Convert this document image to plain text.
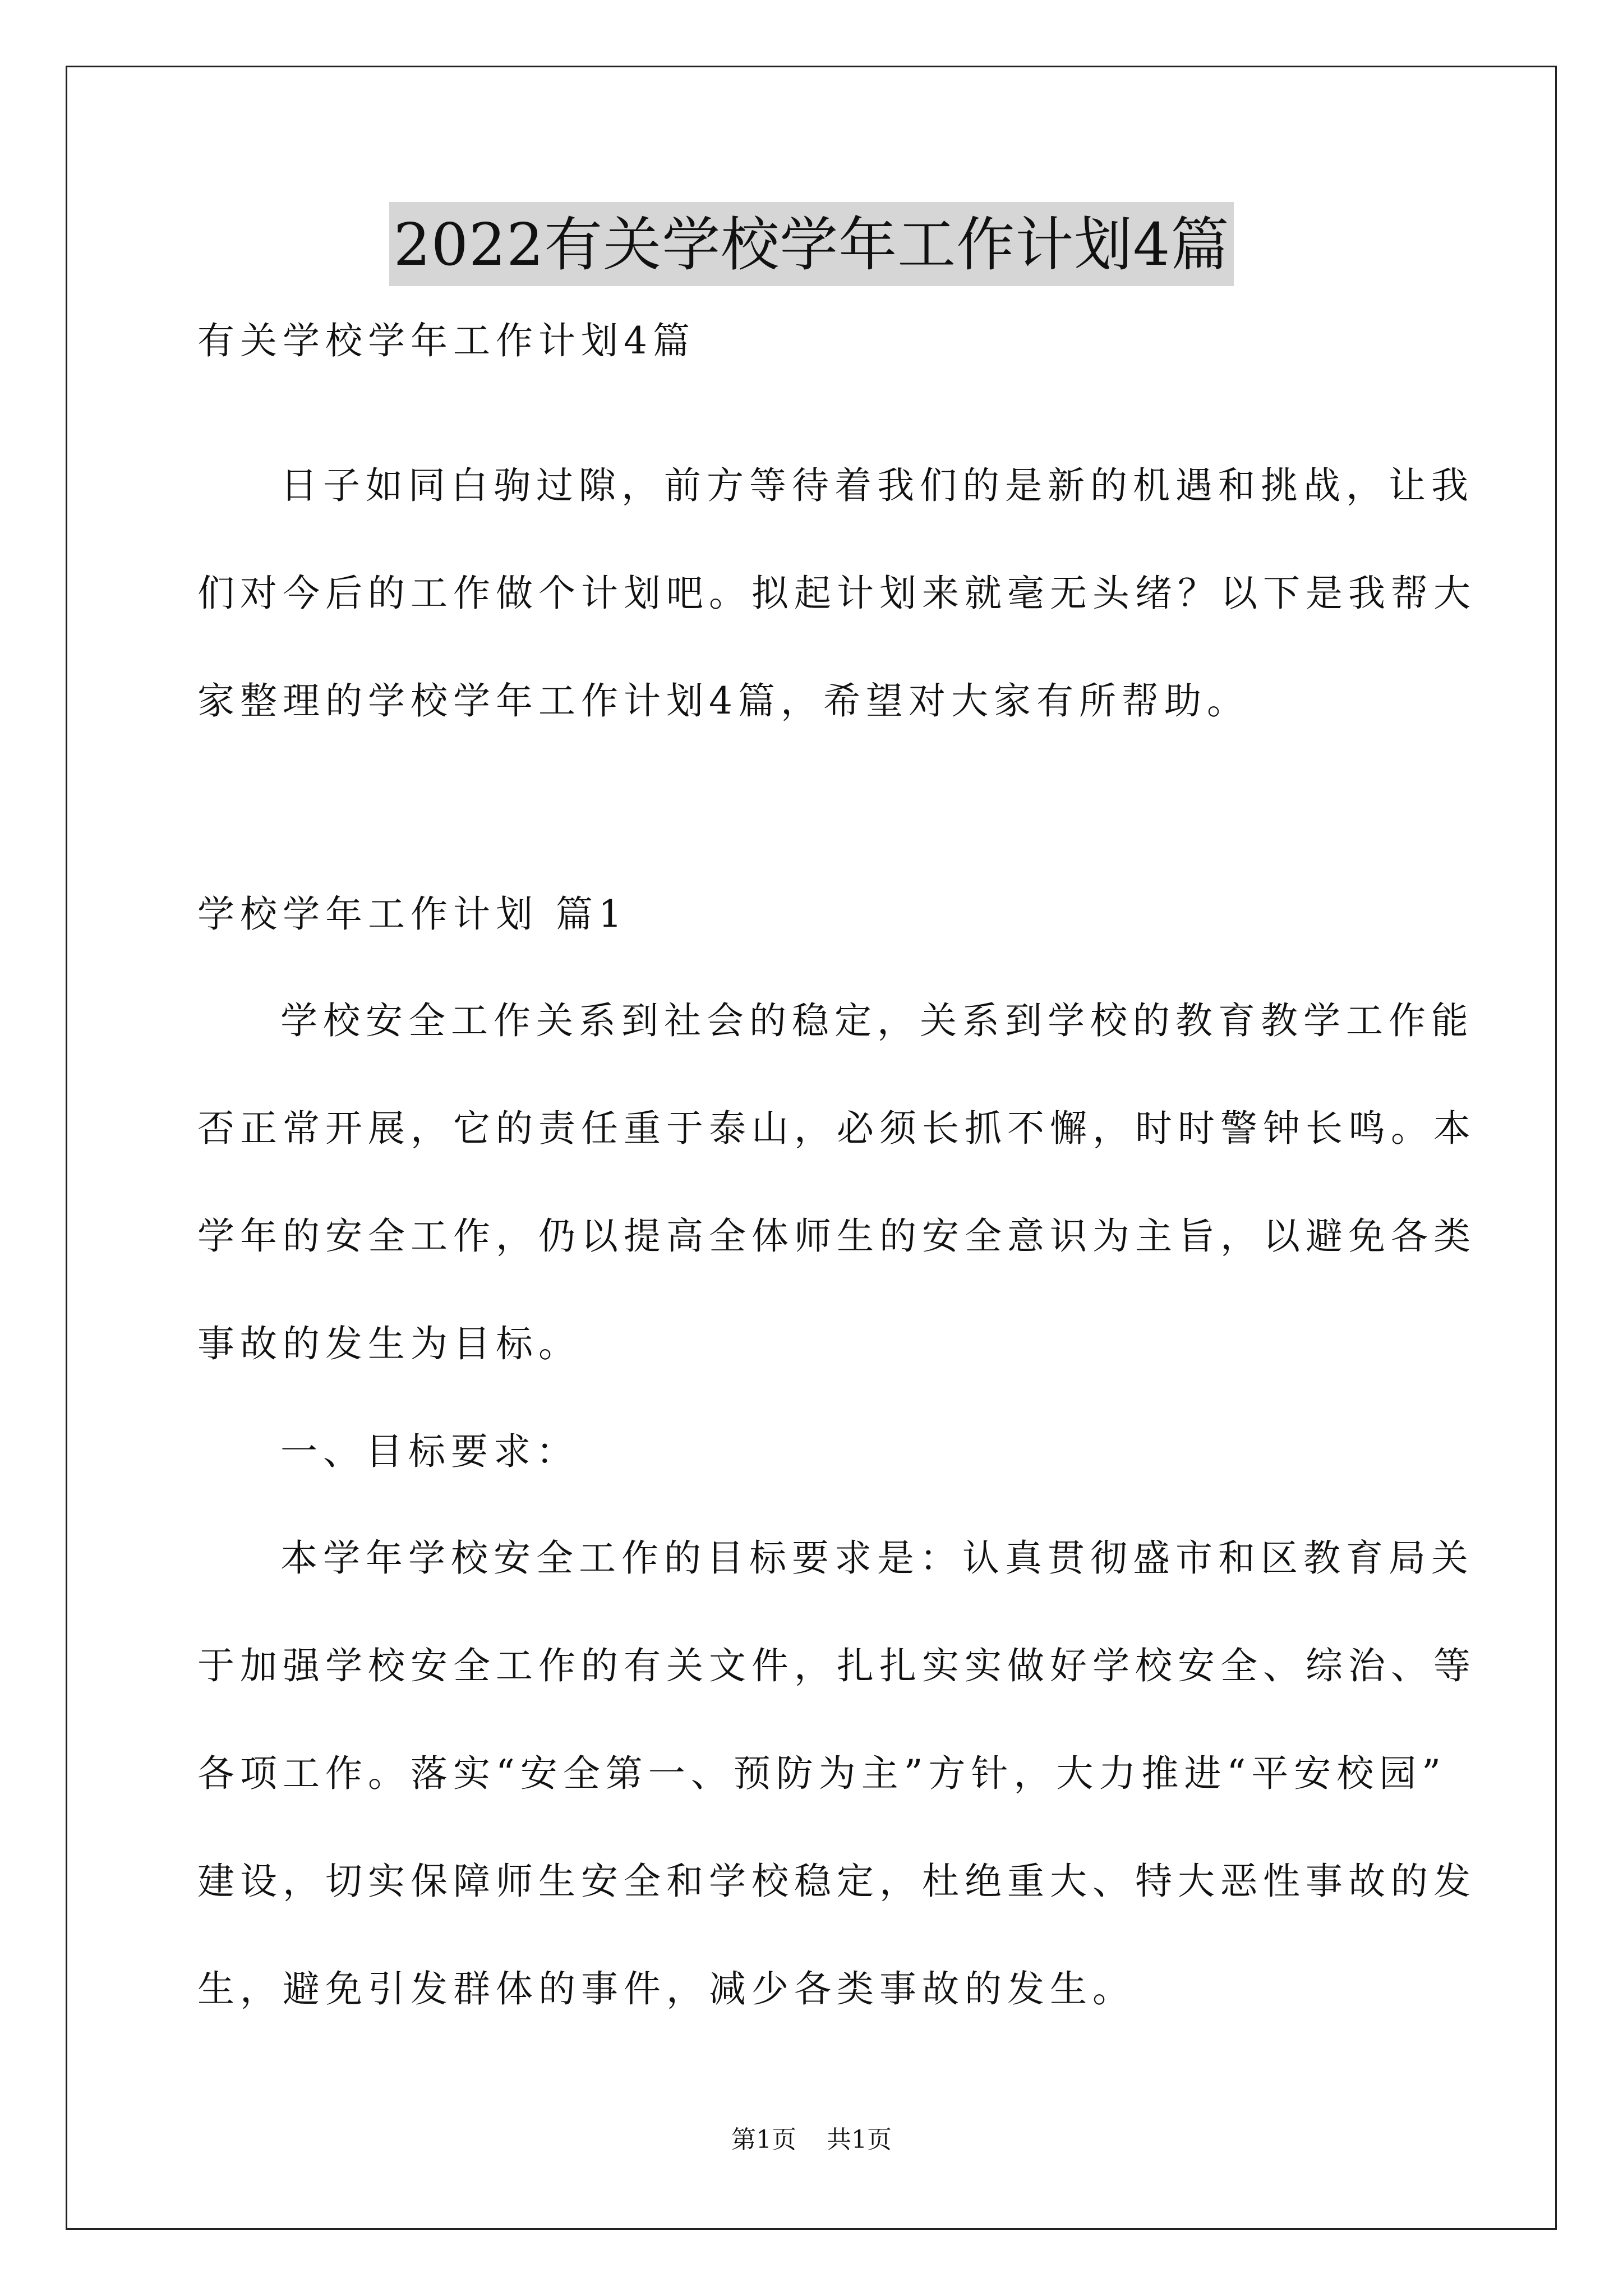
2022有关学校学年工作计划4篇
有关学校学年工作计划4篇
日子如同白驹过隙，前方等待着我们的是新的机遇和挑战，让我
们对今后的工作做个计划吧。拟起计划来就毫无头绪？以下是我帮大
家整理的学校学年工作计划4篇，希望对大家有所帮助。
学校学年工作计划 篇1
学校安全工作关系到社会的稳定，关系到学校的教育教学工作能
否正常开展，它的责任重于泰山，必须长抓不懈，时时警钟长鸣。本
学年的安全工作，仍以提高全体师生的安全意识为主旨，以避免各类
事故的发生为目标。
一、目标要求：
本学年学校安全工作的目标要求是：认真贯彻盛市和区教育局关
于加强学校安全工作的有关文件，扎扎实实做好学校安全、综治、等
各项工作。落实“安全第一、预防为主”方针，大力推进“平安校园”
建设，切实保障师生安全和学校稳定，杜绝重大、特大恶性事故的发
生，避免引发群体的事件，减少各类事故的发生。
第1页 共1页
